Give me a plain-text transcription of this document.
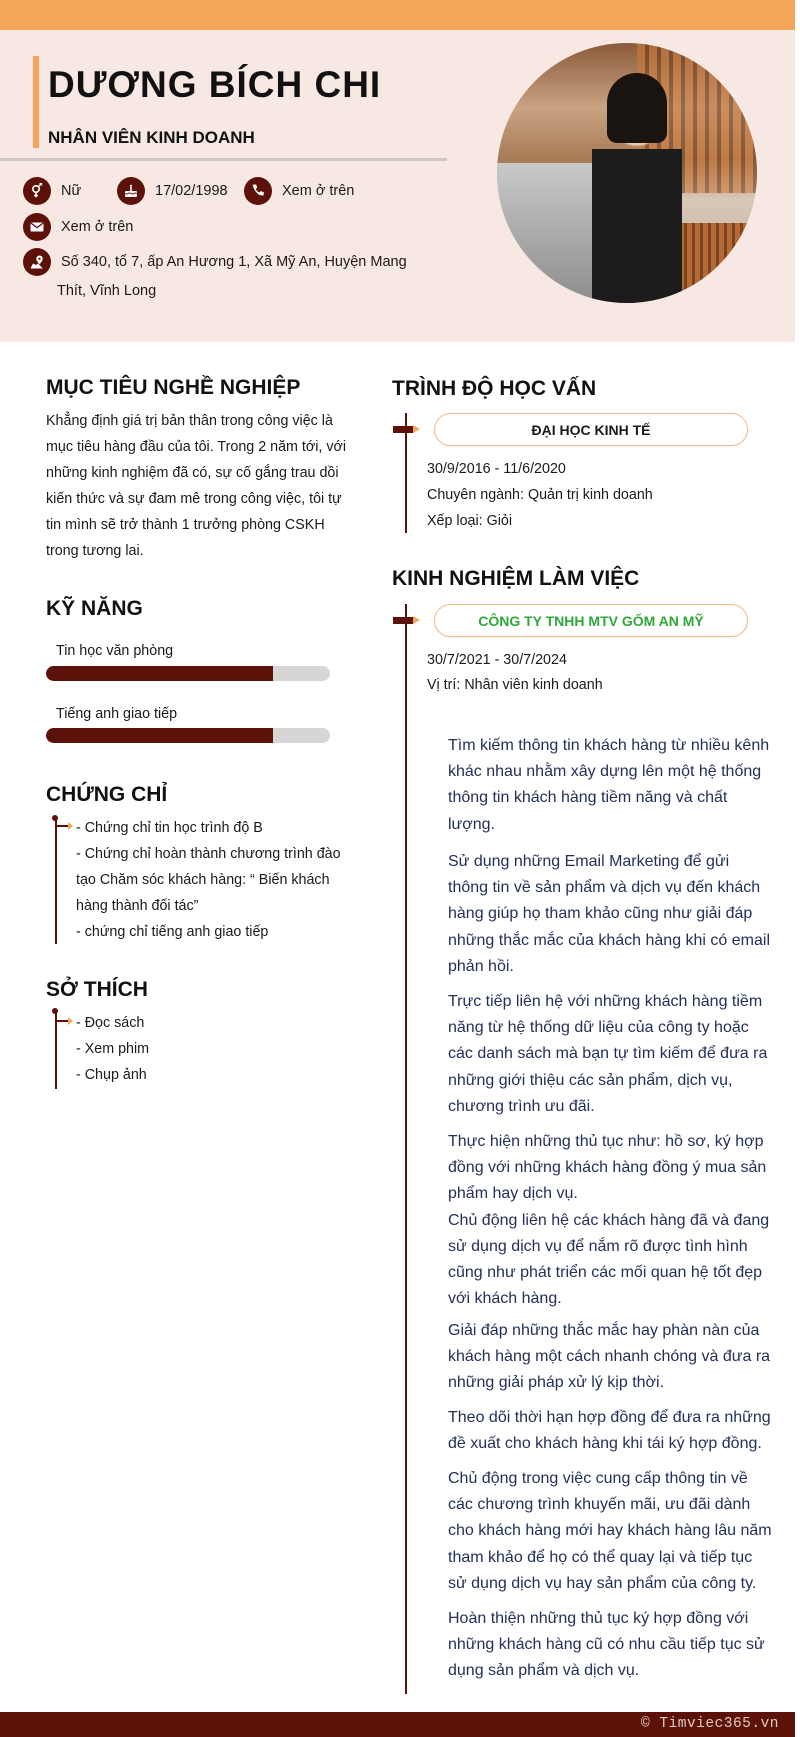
DƯƠNG BÍCH CHI
NHÂN VIÊN KINH DOANH
Nữ	17/02/1998	Xem ở trên
Xem ở trên
Số 340, tổ 7, ấp An Hương 1, Xã Mỹ An, Huyện Mang
Thít, Vĩnh Long
MỤC TIÊU NGHỀ NGHIỆP
Khẳng định giá trị bản thân trong công việc là
mục tiêu hàng đầu của tôi. Trong 2 năm tới, với
những kinh nghiệm đã có, sự cố gắng trau dồi
kiến thức và sự đam mê trong công việc, tôi tự
tin mình sẽ trở thành 1 trưởng phòng CSKH
trong tương lai.
KỸ NĂNG
Tin học văn phòng
Tiếng anh giao tiếp
CHỨNG CHỈ
- Chứng chỉ tin học trình độ B
- Chứng chỉ hoàn thành chương trình đào
tạo Chăm sóc khách hàng: “ Biến khách
hàng thành đối tác”
- chứng chỉ tiếng anh giao tiếp
SỞ THÍCH
- Đọc sách
- Xem phim
- Chụp ảnh
TRÌNH ĐỘ HỌC VẤN
ĐẠI HỌC KINH TẾ
30/9/2016 - 11/6/2020
Chuyên ngành: Quản trị kinh doanh
Xếp loại: Giỏi
KINH NGHIỆM LÀM VIỆC
CÔNG TY TNHH MTV GỐM AN MỸ
30/7/2021 - 30/7/2024
Vị trí: Nhân viên kinh doanh
Tìm kiếm thông tin khách hàng từ nhiều kênh
khác nhau nhằm xây dựng lên một hệ thống
thông tin khách hàng tiềm năng và chất
lượng.
Sử dụng những Email Marketing để gửi
thông tin về sản phẩm và dịch vụ đến khách
hàng giúp họ tham khảo cũng như giải đáp
những thắc mắc của khách hàng khi có email
phản hồi.
Trực tiếp liên hệ với những khách hàng tiềm
năng từ hệ thống dữ liệu của công ty hoặc
các danh sách mà bạn tự tìm kiếm để đưa ra
những giới thiệu các sản phẩm, dịch vụ,
chương trình ưu đãi.
Thực hiện những thủ tục như: hồ sơ, ký hợp
đồng với những khách hàng đồng ý mua sản
phẩm hay dịch vụ.
Chủ động liên hệ các khách hàng đã và đang
sử dụng dịch vụ để nắm rõ được tình hình
cũng như phát triển các mối quan hệ tốt đẹp
với khách hàng.
Giải đáp những thắc mắc hay phàn nàn của
khách hàng một cách nhanh chóng và đưa ra
những giải pháp xử lý kịp thời.
Theo dõi thời hạn hợp đồng để đưa ra những
đề xuất cho khách hàng khi tái ký hợp đồng.
Chủ động trong việc cung cấp thông tin về
các chương trình khuyến mãi, ưu đãi dành
cho khách hàng mới hay khách hàng lâu năm
tham khảo để họ có thể quay lại và tiếp tục
sử dụng dịch vụ hay sản phẩm của công ty.
Hoàn thiện những thủ tục ký hợp đồng với
những khách hàng cũ có nhu cầu tiếp tục sử
dụng sản phẩm và dịch vụ.
© Timviec365.vn
